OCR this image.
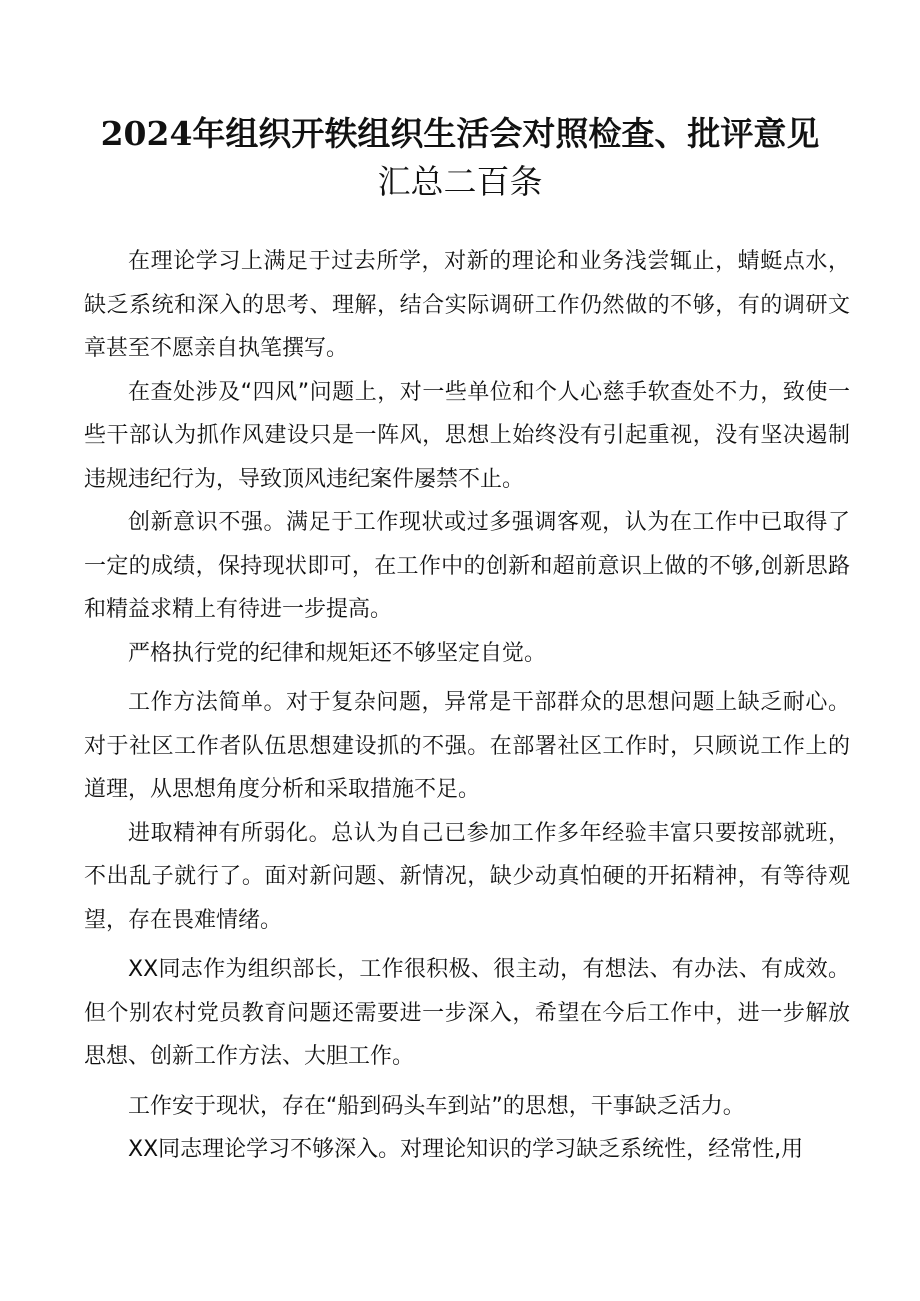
2024年组织开轶组织生活会对照检查、批评意见
汇总二百条

在理论学习上满足于过去所学，对新的理论和业务浅尝辄止，蜻蜓点水，缺乏系统和深入的思考、理解，结合实际调研工作仍然做的不够，有的调研文章甚至不愿亲自执笔撰写。

在查处涉及“四风”问题上，对一些单位和个人心慈手软查处不力，致使一些干部认为抓作风建设只是一阵风，思想上始终没有引起重视，没有坚决遏制违规违纪行为，导致顶风违纪案件屡禁不止。

创新意识不强。满足于工作现状或过多强调客观，认为在工作中已取得了一定的成绩，保持现状即可，在工作中的创新和超前意识上做的不够,创新思路和精益求精上有待进一步提高。

严格执行党的纪律和规矩还不够坚定自觉。

工作方法简单。对于复杂问题，异常是干部群众的思想问题上缺乏耐心。对于社区工作者队伍思想建设抓的不强。在部署社区工作时，只顾说工作上的道理，从思想角度分析和采取措施不足。

进取精神有所弱化。总认为自己已参加工作多年经验丰富只要按部就班，不出乱子就行了。面对新问题、新情况，缺少动真怕硬的开拓精神，有等待观望，存在畏难情绪。

XX同志作为组织部长，工作很积极、很主动，有想法、有办法、有成效。但个别农村党员教育问题还需要进一步深入，希望在今后工作中，进一步解放思想、创新工作方法、大胆工作。

工作安于现状，存在“船到码头车到站”的思想，干事缺乏活力。

XX同志理论学习不够深入。对理论知识的学习缺乏系统性，经常性,用
